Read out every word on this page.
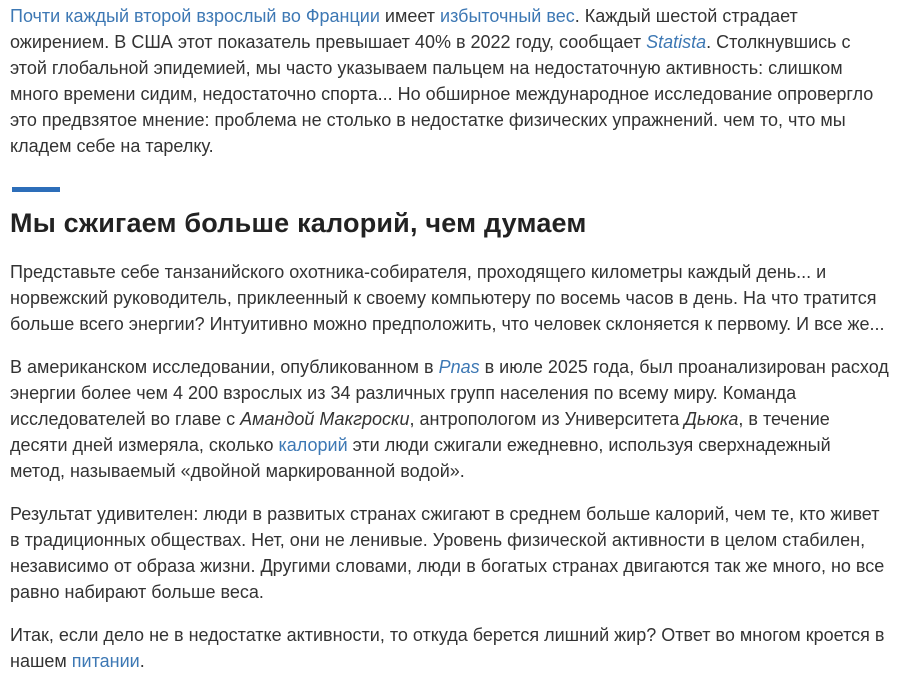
Почти каждый второй взрослый во Франции имеет избыточный вес. Каждый шестой страдает ожирением. В США этот показатель превышает 40% в 2022 году, сообщает Statista. Столкнувшись с этой глобальной эпидемией, мы часто указываем пальцем на недостаточную активность: слишком много времени сидим, недостаточно спорта... Но обширное международное исследование опровергло это предвзятое мнение: проблема не столько в недостатке физических упражнений. чем то, что мы кладем себе на тарелку.

Мы сжигаем больше калорий, чем думаем

Представьте себе танзанийского охотника-собирателя, проходящего километры каждый день... и норвежский руководитель, приклеенный к своему компьютеру по восемь часов в день. На что тратится больше всего энергии? Интуитивно можно предположить, что человек склоняется к первому. И все же...

В американском исследовании, опубликованном в Pnas в июле 2025 года, был проанализирован расход энергии более чем 4 200 взрослых из 34 различных групп населения по всему миру. Команда исследователей во главе с Амандой Макгроски, антропологом из Университета Дьюка, в течение десяти дней измеряла, сколько калорий эти люди сжигали ежедневно, используя сверхнадежный метод, называемый «двойной маркированной водой».

Результат удивителен: люди в развитых странах сжигают в среднем больше калорий, чем те, кто живет в традиционных обществах. Нет, они не ленивые. Уровень физической активности в целом стабилен, независимо от образа жизни. Другими словами, люди в богатых странах двигаются так же много, но все равно набирают больше веса.

Итак, если дело не в недостатке активности, то откуда берется лишний жир? Ответ во многом кроется в нашем питании.
